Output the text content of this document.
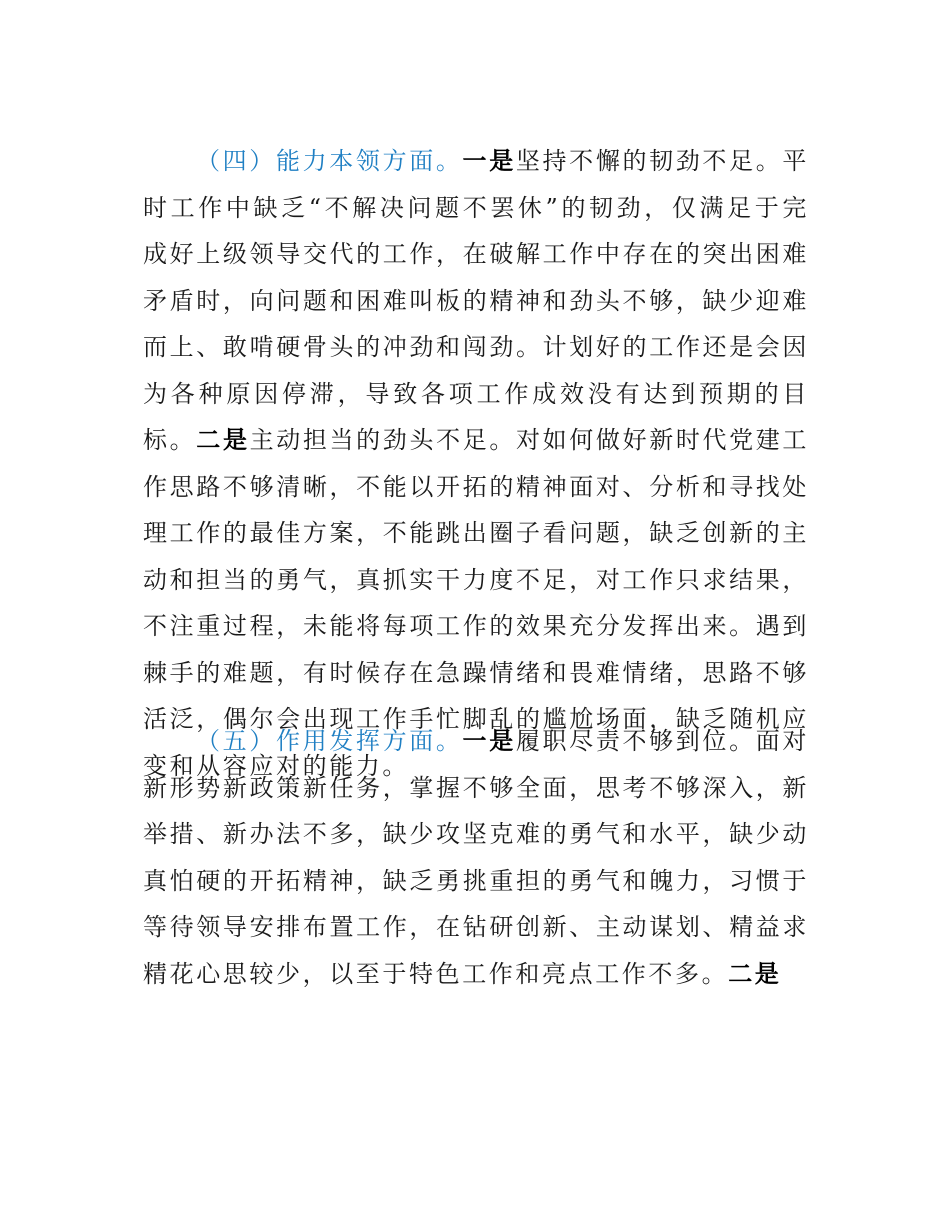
（四）能力本领方面。一是坚持不懈的韧劲不足。平时工作中缺乏“不解决问题不罢休”的韧劲，仅满足于完成好上级领导交代的工作，在破解工作中存在的突出困难矛盾时，向问题和困难叫板的精神和劲头不够，缺少迎难而上、敢啃硬骨头的冲劲和闯劲。计划好的工作还是会因为各种原因停滞，导致各项工作成效没有达到预期的目标。二是主动担当的劲头不足。对如何做好新时代党建工作思路不够清晰，不能以开拓的精神面对、分析和寻找处理工作的最佳方案，不能跳出圈子看问题，缺乏创新的主动和担当的勇气，真抓实干力度不足，对工作只求结果，不注重过程，未能将每项工作的效果充分发挥出来。遇到棘手的难题，有时候存在急躁情绪和畏难情绪，思路不够活泛，偶尔会出现工作手忙脚乱的尴尬场面，缺乏随机应变和从容应对的能力。

（五）作用发挥方面。一是履职尽责不够到位。面对新形势新政策新任务，掌握不够全面，思考不够深入，新举措、新办法不多，缺少攻坚克难的勇气和水平，缺少动真怕硬的开拓精神，缺乏勇挑重担的勇气和魄力，习惯于等待领导安排布置工作，在钻研创新、主动谋划、精益求精花心思较少，以至于特色工作和亮点工作不多。二是
